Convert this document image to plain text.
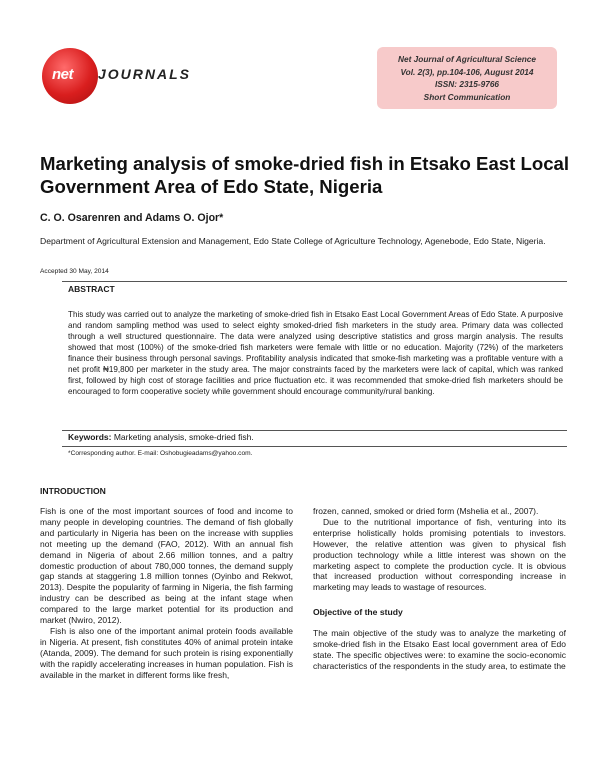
net JOURNALS
Net Journal of Agricultural Science
Vol. 2(3), pp.104-106, August 2014
ISSN: 2315-9766
Short Communication
Marketing analysis of smoke-dried fish in Etsako East Local Government Area of Edo State, Nigeria
C. O. Osarenren and Adams O. Ojor*
Department of Agricultural Extension and Management, Edo State College of Agriculture Technology, Agenebode, Edo State, Nigeria.
Accepted 30 May, 2014
ABSTRACT
This study was carried out to analyze the marketing of smoke-dried fish in Etsako East Local Government Areas of Edo State. A purposive and random sampling method was used to select eighty smoked-dried fish marketers in the study area. Primary data was collected through a well structured questionnaire. The data were analyzed using descriptive statistics and gross margin analysis. The results showed that most (100%) of the smoke-dried fish marketers were female with little or no education. Majority (72%) of the marketers finance their business through personal savings. Profitability analysis indicated that smoke-fish marketing was a profitable venture with a net profit ₦19,800 per marketer in the study area. The major constraints faced by the marketers were lack of capital, which was ranked first, followed by high cost of storage facilities and price fluctuation etc. it was recommended that smoke-dried fish marketers should be encouraged to form cooperative society while government should encourage community/rural banking.
Keywords: Marketing analysis, smoke-dried fish.
*Corresponding author. E-mail: Oshobugieadams@yahoo.com.
INTRODUCTION

Fish is one of the most important sources of food and income to many people in developing countries. The demand of fish globally and particularly in Nigeria has been on the increase with supplies not meeting up the demand (FAO, 2012). With an annual fish demand in Nigeria of about 2.66 million tonnes, and a paltry domestic production of about 780,000 tonnes, the demand supply gap stands at staggering 1.8 million tonnes (Oyinbo and Rekwot, 2013). Despite the popularity of farming in Nigeria, the fish farming industry can be described as being at the infant stage when compared to the large market potential for its production and market (Nwiro, 2012).

Fish is also one of the important animal protein foods available in Nigeria. At present, fish constitutes 40% of animal protein intake (Atanda, 2009). The demand for such protein is rising exponentially with the rapidly accelerating increases in human population. Fish is available in the market in different forms like fresh,

frozen, canned, smoked or dried form (Mshelia et al., 2007).

Due to the nutritional importance of fish, venturing into its enterprise holistically holds promising potentials to investors. However, the relative attention was given to physical fish production technology while a little interest was shown on the marketing aspect to complete the production cycle. It is obvious that increased production without corresponding increase in marketing may leads to wastage of resources.

Objective of the study

The main objective of the study was to analyze the marketing of smoke-dried fish in the Etsako East local government area of Edo state. The specific objectives were: to examine the socio-economic characteristics of the respondents in the study area, to estimate the
